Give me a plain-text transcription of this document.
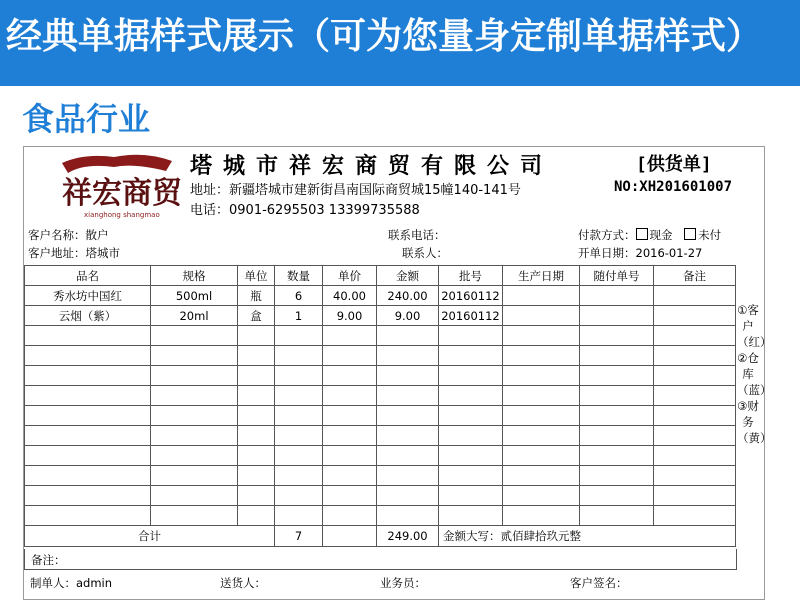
经典单据样式展示（可为您量身定制单据样式）
食品行业
祥宏商贸
xianghong shangmao
塔城市祥宏商贸有限公司	[供货单]
地址：新疆塔城市建新街昌南国际商贸城15幢140-141号
电话：0901-6295503 13399735588
NO:XH201601007
客户名称：散户	联系电话：	付款方式： 现金 未付
客户地址：塔城市	联系人：	开单日期：2016-01-27
品名	规格	单位	数量	单价	金额	批号	生产日期	随付单号	备注
秀水坊中国红	500ml	瓶	6	40.00	240.00	20160112			
云烟（紫）	20ml	盒	1	9.00	9.00	20160112			

合计			7		249.00	金额大写：贰佰肆拾玖元整			
①客户（红）②仓库（蓝）③财务（黄）
备注：
制单人：admin	送货人：	业务员：	客户签名：
